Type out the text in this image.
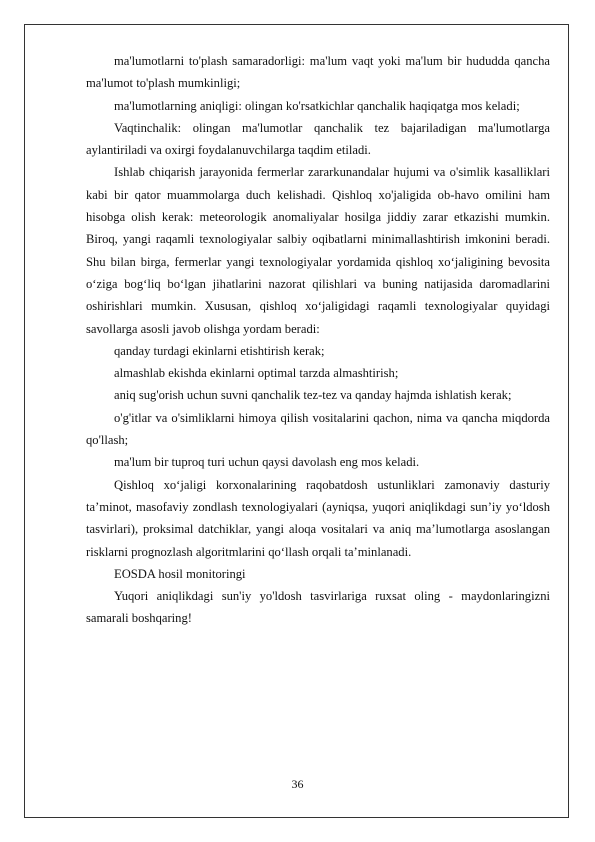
ma'lumotlarni to'plash samaradorligi: ma'lum vaqt yoki ma'lum bir hududda qancha ma'lumot to'plash mumkinligi;

ma'lumotlarning aniqligi: olingan ko'rsatkichlar qanchalik haqiqatga mos keladi;

Vaqtinchalik: olingan ma'lumotlar qanchalik tez bajariladigan ma'lumotlarga aylantiriladi va oxirgi foydalanuvchilarga taqdim etiladi.

Ishlab chiqarish jarayonida fermerlar zararkunandalar hujumi va o'simlik kasalliklari kabi bir qator muammolarga duch kelishadi. Qishloq xo'jaligida ob-havo omilini ham hisobga olish kerak: meteorologik anomaliyalar hosilga jiddiy zarar etkazishi mumkin. Biroq, yangi raqamli texnologiyalar salbiy oqibatlarni minimallashtirish imkonini beradi. Shu bilan birga, fermerlar yangi texnologiyalar yordamida qishloq xo‘jaligining bevosita o‘ziga bog‘liq bo‘lgan jihatlarini nazorat qilishlari va buning natijasida daromadlarini oshirishlari mumkin. Xususan, qishloq xo‘jaligidagi raqamli texnologiyalar quyidagi savollarga asosli javob olishga yordam beradi:

qanday turdagi ekinlarni etishtirish kerak;

almashlab ekishda ekinlarni optimal tarzda almashtirish;

aniq sug'orish uchun suvni qanchalik tez-tez va qanday hajmda ishlatish kerak;

o'g'itlar va o'simliklarni himoya qilish vositalarini qachon, nima va qancha miqdorda qo'llash;

ma'lum bir tuproq turi uchun qaysi davolash eng mos keladi.

Qishloq xo‘jaligi korxonalarining raqobatdosh ustunliklari zamonaviy dasturiy ta’minot, masofaviy zondlash texnologiyalari (ayniqsa, yuqori aniqlikdagi sun’iy yo‘ldosh tasvirlari), proksimal datchiklar, yangi aloqa vositalari va aniq ma’lumotlarga asoslangan risklarni prognozlash algoritmlarini qo‘llash orqali ta’minlanadi.

EOSDA hosil monitoringi

Yuqori aniqlikdagi sun'iy yo'ldosh tasvirlariga ruxsat oling - maydonlaringizni samarali boshqaring!

36
